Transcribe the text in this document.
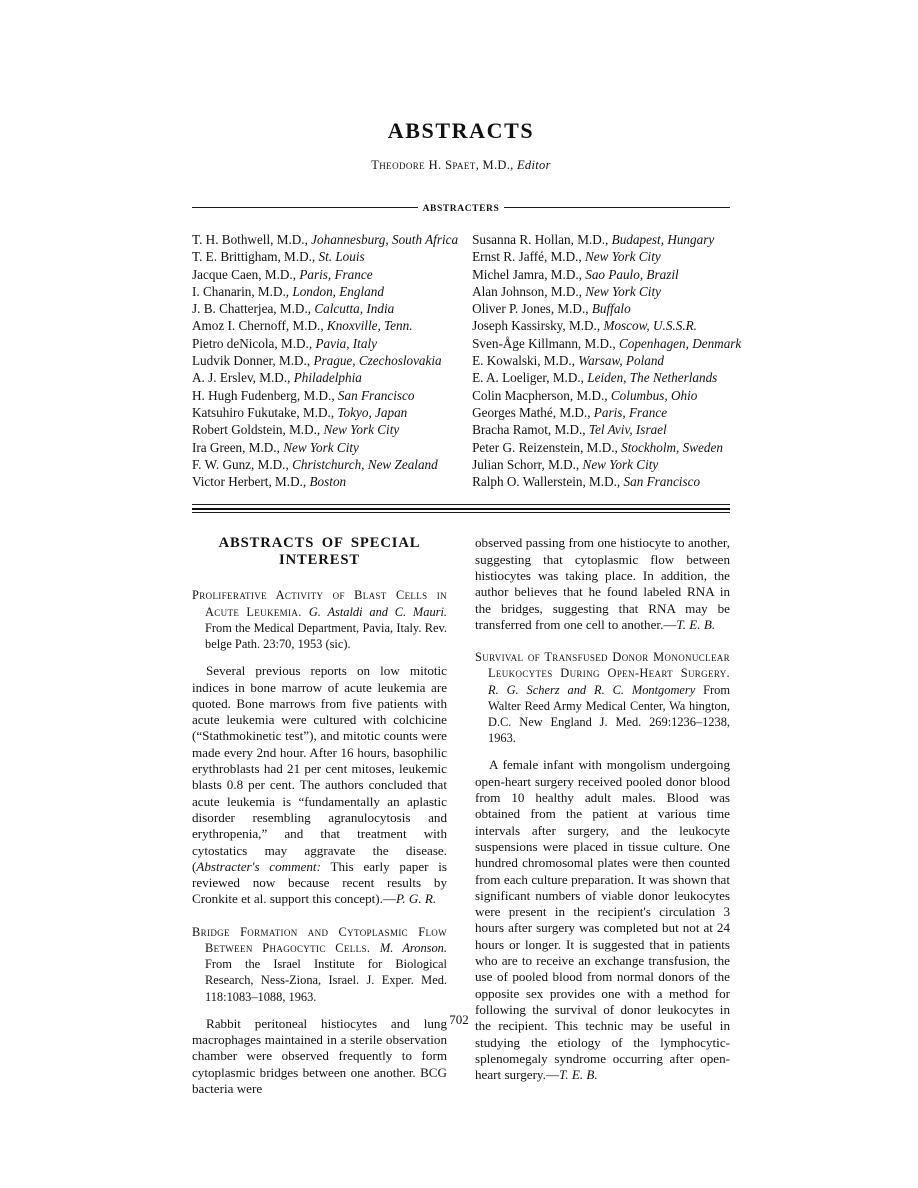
ABSTRACTS
Theodore H. Spaet, M.D., Editor
ABSTRACTERS
T. H. Bothwell, M.D., Johannesburg, South Africa
T. E. Brittigham, M.D., St. Louis
Jacque Caen, M.D., Paris, France
I. Chanarin, M.D., London, England
J. B. Chatterjea, M.D., Calcutta, India
Amoz I. Chernoff, M.D., Knoxville, Tenn.
Pietro deNicola, M.D., Pavia, Italy
Ludvik Donner, M.D., Prague, Czechoslovakia
A. J. Erslev, M.D., Philadelphia
H. Hugh Fudenberg, M.D., San Francisco
Katsuhiro Fukutake, M.D., Tokyo, Japan
Robert Goldstein, M.D., New York City
Ira Green, M.D., New York City
F. W. Gunz, M.D., Christchurch, New Zealand
Victor Herbert, M.D., Boston
Susanna R. Hollan, M.D., Budapest, Hungary
Ernst R. Jaffé, M.D., New York City
Michel Jamra, M.D., Sao Paulo, Brazil
Alan Johnson, M.D., New York City
Oliver P. Jones, M.D., Buffalo
Joseph Kassirsky, M.D., Moscow, U.S.S.R.
Sven-Åge Killmann, M.D., Copenhagen, Denmark
E. Kowalski, M.D., Warsaw, Poland
E. A. Loeliger, M.D., Leiden, The Netherlands
Colin Macpherson, M.D., Columbus, Ohio
Georges Mathé, M.D., Paris, France
Bracha Ramot, M.D., Tel Aviv, Israel
Peter G. Reizenstein, M.D., Stockholm, Sweden
Julian Schorr, M.D., New York City
Ralph O. Wallerstein, M.D., San Francisco
ABSTRACTS OF SPECIAL INTEREST

Proliferative Activity of Blast Cells in Acute Leukemia. G. Astaldi and C. Mauri. From the Medical Department, Pavia, Italy. Rev. belge Path. 23:70, 1953 (sic).

Several previous reports on low mitotic indices in bone marrow of acute leukemia are quoted. Bone marrows from five patients with acute leukemia were cultured with colchicine (“Stathmokinetic test”), and mitotic counts were made every 2nd hour. After 16 hours, basophilic erythroblasts had 21 per cent mitoses, leukemic blasts 0.8 per cent. The authors concluded that acute leukemia is “fundamentally an aplastic disorder resembling agranulocytosis and erythropenia,” and that treatment with cytostatics may aggravate the disease. (Abstracter's comment: This early paper is reviewed now because recent results by Cronkite et al. support this concept).—P. G. R.

Bridge Formation and Cytoplasmic Flow Between Phagocytic Cells. M. Aronson. From the Israel Institute for Biological Research, Ness-Ziona, Israel. J. Exper. Med. 118:1083–1088, 1963.

Rabbit peritoneal histiocytes and lung macrophages maintained in a sterile observation chamber were observed frequently to form cytoplasmic bridges between one another. BCG bacteria were

observed passing from one histiocyte to another, suggesting that cytoplasmic flow between histiocytes was taking place. In addition, the author believes that he found labeled RNA in the bridges, suggesting that RNA may be transferred from one cell to another.—T. E. B.

Survival of Transfused Donor Mononuclear Leukocytes During Open-Heart Surgery. R. G. Scherz and R. C. Montgomery From Walter Reed Army Medical Center, Wa hington, D.C. New England J. Med. 269:1236–1238, 1963.

A female infant with mongolism undergoing open-heart surgery received pooled donor blood from 10 healthy adult males. Blood was obtained from the patient at various time intervals after surgery, and the leukocyte suspensions were placed in tissue culture. One hundred chromosomal plates were then counted from each culture preparation. It was shown that significant numbers of viable donor leukocytes were present in the recipient's circulation 3 hours after surgery was completed but not at 24 hours or longer. It is suggested that in patients who are to receive an exchange transfusion, the use of pooled blood from normal donors of the opposite sex provides one with a method for following the survival of donor leukocytes in the recipient. This technic may be useful in studying the etiology of the lymphocytic-splenomegaly syndrome occurring after open-heart surgery.—T. E. B.

702
